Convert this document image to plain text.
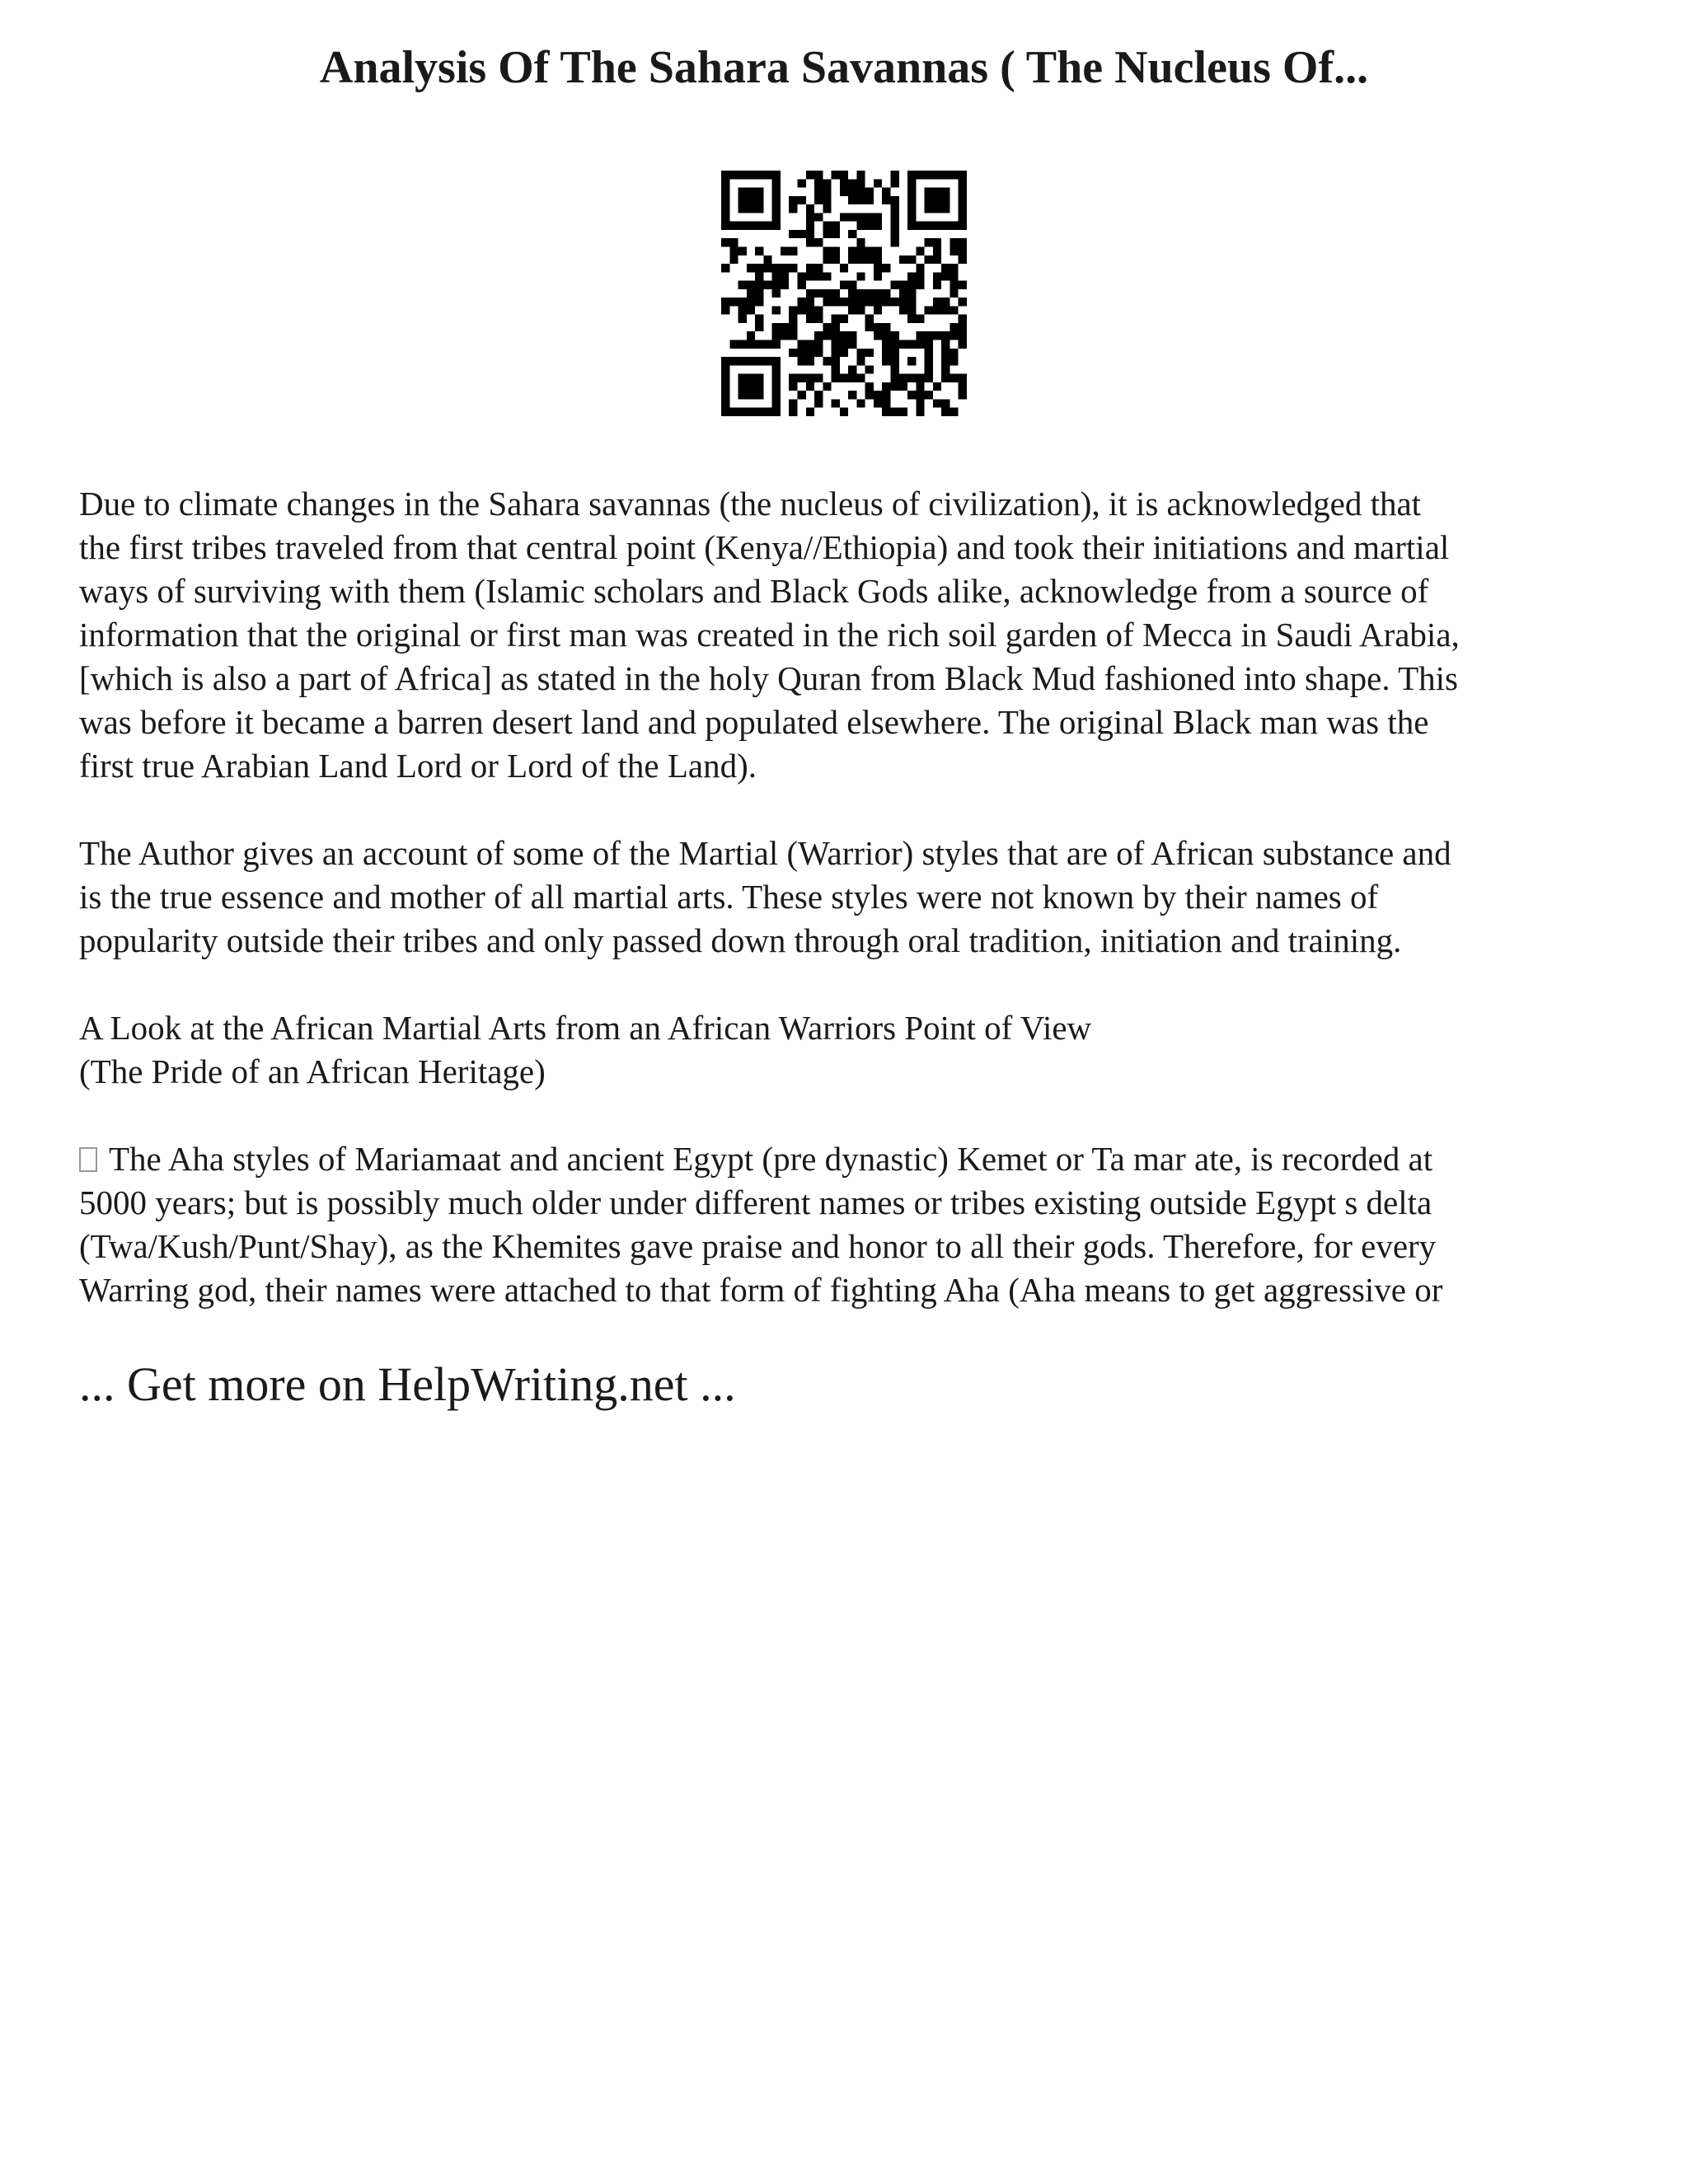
Analysis Of The Sahara Savannas ( The Nucleus Of...

Due to climate changes in the Sahara savannas (the nucleus of civilization), it is acknowledged that
the first tribes traveled from that central point (Kenya//Ethiopia) and took their initiations and martial
ways of surviving with them (Islamic scholars and Black Gods alike, acknowledge from a source of
information that the original or first man was created in the rich soil garden of Mecca in Saudi Arabia,
[which is also a part of Africa] as stated in the holy Quran from Black Mud fashioned into shape. This
was before it became a barren desert land and populated elsewhere. The original Black man was the
first true Arabian Land Lord or Lord of the Land).

The Author gives an account of some of the Martial (Warrior) styles that are of African substance and
is the true essence and mother of all martial arts. These styles were not known by their names of
popularity outside their tribes and only passed down through oral tradition, initiation and training.

A Look at the African Martial Arts from an African Warriors Point of View
(The Pride of an African Heritage)

The Aha styles of Mariamaat and ancient Egypt (pre dynastic) Kemet or Ta mar ate, is recorded at
5000 years; but is possibly much older under different names or tribes existing outside Egypt s delta
(Twa/Kush/Punt/Shay), as the Khemites gave praise and honor to all their gods. Therefore, for every
Warring god, their names were attached to that form of fighting Aha (Aha means to get aggressive or

... Get more on HelpWriting.net ...
